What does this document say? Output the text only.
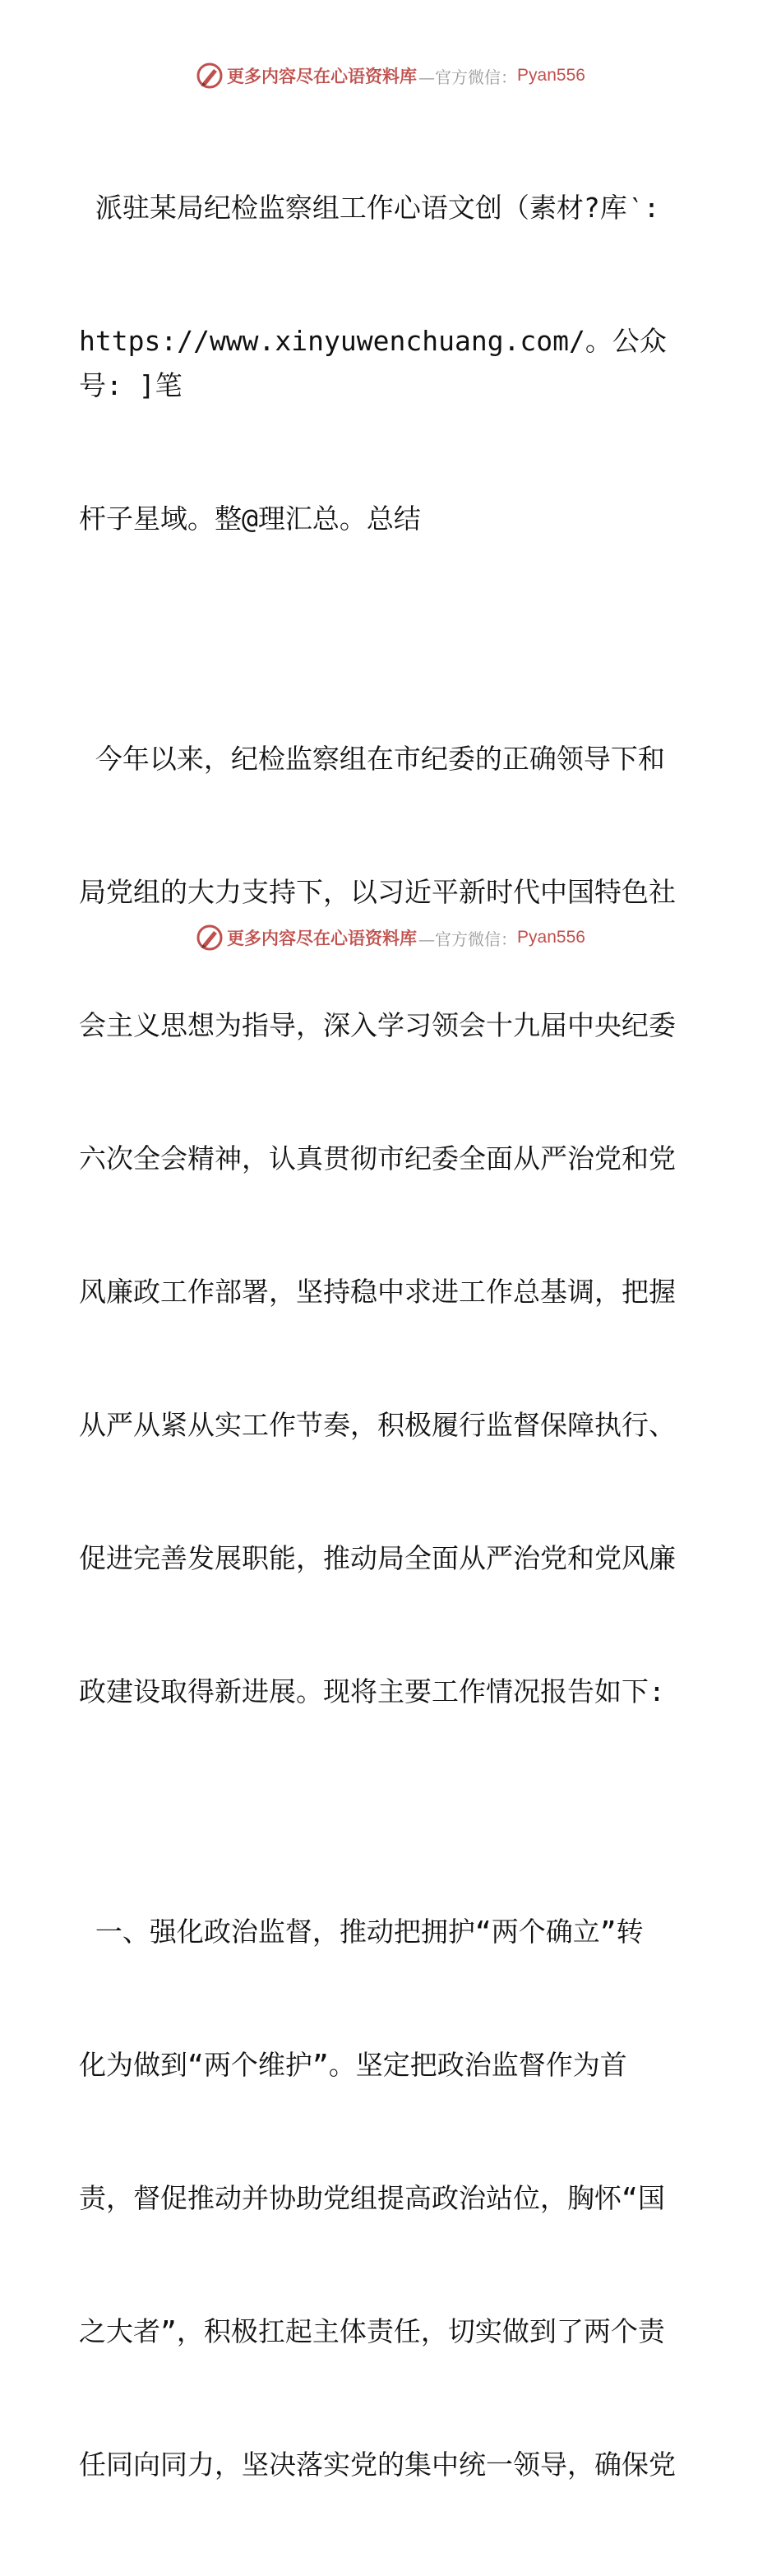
更多内容尽在心语资料库 —官方微信： Pyan556

派驻某局纪检监察组工作心语文创（素材?库‵:

https://www.xinyuwenchuang.com/。公众号: ]笔

杆子星域。整@理汇总。总结

今年以来，纪检监察组在市纪委的正确领导下和

局党组的大力支持下，以习近平新时代中国特色社

会主义思想为指导，深入学习领会十九届中央纪委

六次全会精神，认真贯彻市纪委全面从严治党和党

风廉政工作部署，坚持稳中求进工作总基调，把握

从严从紧从实工作节奏，积极履行监督保障执行、

促进完善发展职能，推动局全面从严治党和党风廉

政建设取得新进展。现将主要工作情况报告如下:

一、强化政治监督，推动把拥护“两个确立”转

化为做到“两个维护”。坚定把政治监督作为首

责，督促推动并协助党组提高政治站位，胸怀“国

之大者”，积极扛起主体责任，切实做到了两个责

任同向同力，坚决落实党的集中统一领导，确保党

更多内容尽在心语资料库 —官方微信： Pyan556
